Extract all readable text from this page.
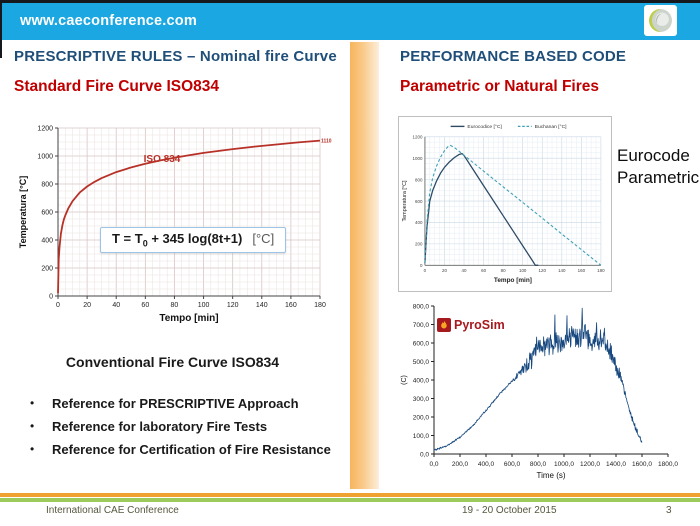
www.caeconference.com
PRESCRIPTIVE RULES – Nominal fire Curve
Standard Fire Curve ISO834
0
200
400
600
800
1000
1200
0	20	40	60	80	100 120 140 160 180
Tempo [min]
Temperatura [°C]
ISO 834
1110
$T = T_0 + 345$ log(8t+1) [°C]
Conventional Fire Curve ISO834
•	Reference for PRESCRIPTIVE Approach
•	Reference for laboratory Fire Tests
•	Reference for Certification of Fire Resistance
PERFORMANCE BASED CODE
Parametric or Natural Fires
0
200
400
600
800
1000
1200
0	20	40	60	80	100	120	140	160	180
Tempo [min]
Temperatura [°C]
Eurocodice [°C]	Buchanan [°C]
Eurocode Parametric
0,0
100,0
200,0
300,0
400,0
500,0
600,0
700,0
800,0
0,0 200,0 400,0 600,0 800,0 1000,0 1200,0 1400,0 1600,0 1800,0
Time (s)
(C)
PyroSim
International CAE Conference	19 - 20 October 2015	3
